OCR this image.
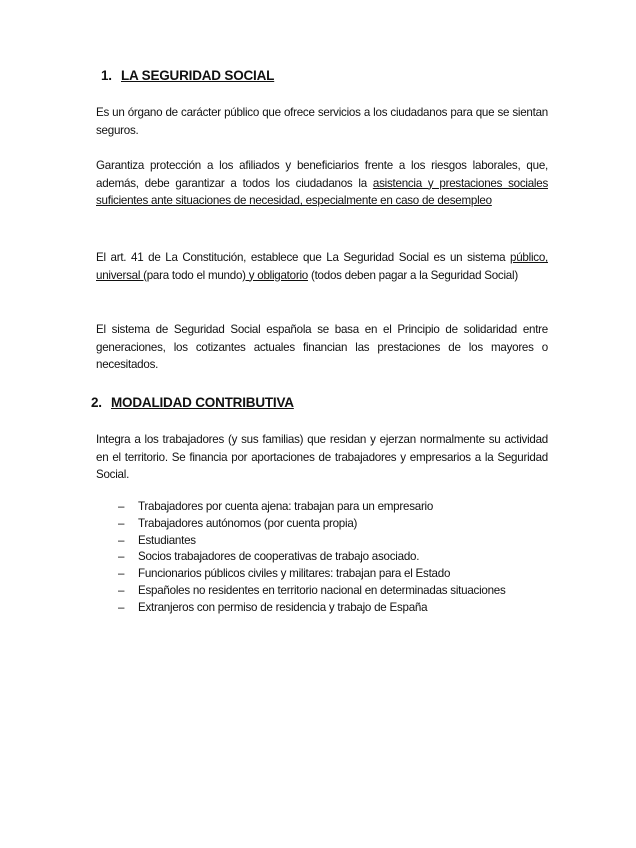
1. LA SEGURIDAD SOCIAL
Es un órgano de carácter público que ofrece servicios a los ciudadanos para que se sientan seguros.
Garantiza protección a los afiliados y beneficiarios frente a los riesgos laborales, que, además, debe garantizar a todos los ciudadanos la asistencia y prestaciones sociales suficientes ante situaciones de necesidad, especialmente en caso de desempleo
El art. 41 de La Constitución, establece que La Seguridad Social es un sistema público, universal (para todo el mundo) y obligatorio (todos deben pagar a la Seguridad Social)
El sistema de Seguridad Social española se basa en el Principio de solidaridad entre generaciones, los cotizantes actuales financian las prestaciones de los mayores o necesitados.
2. MODALIDAD CONTRIBUTIVA
Integra a los trabajadores (y sus familias) que residan y ejerzan normalmente su actividad en el territorio. Se financia por aportaciones de trabajadores y empresarios a la Seguridad Social.
–	Trabajadores por cuenta ajena: trabajan para un empresario
–	Trabajadores autónomos (por cuenta propia)
–	Estudiantes
–	Socios trabajadores de cooperativas de trabajo asociado.
–	Funcionarios públicos civiles y militares: trabajan para el Estado
–	Españoles no residentes en territorio nacional en determinadas situaciones
–	Extranjeros con permiso de residencia y trabajo de España
